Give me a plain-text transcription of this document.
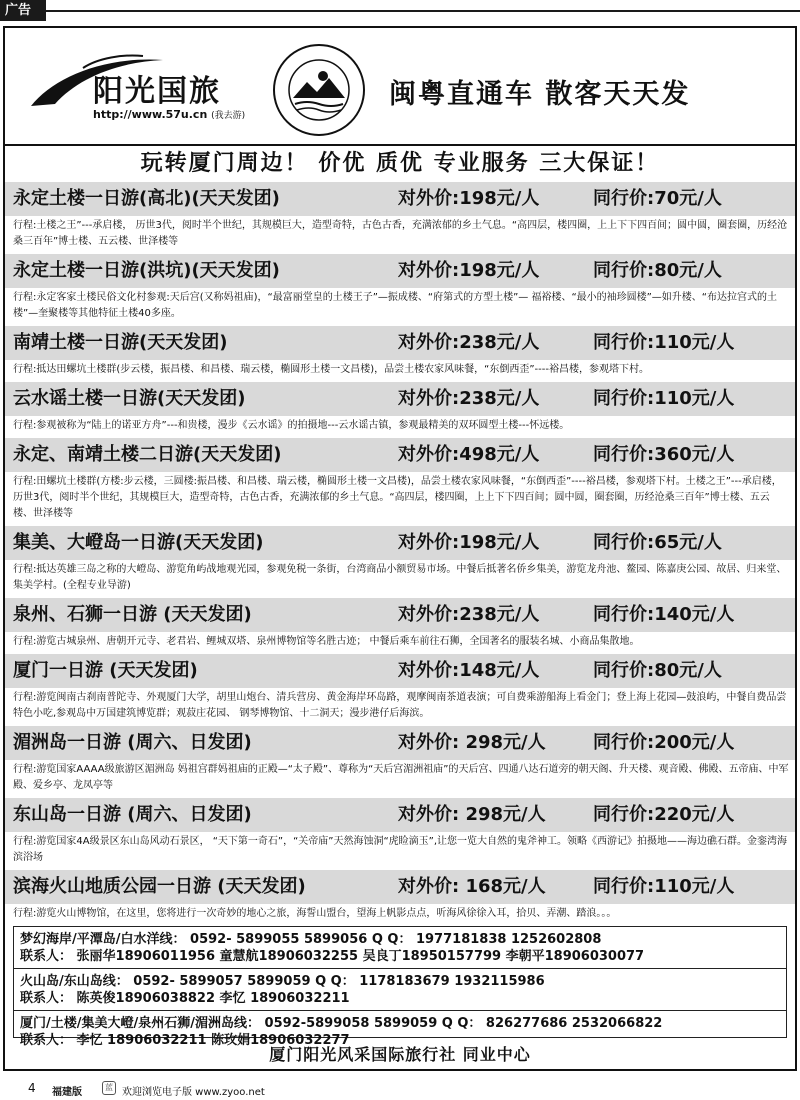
广告
阳光国旅
http://www.57u.cn (我去游)
闽粤直通车 散客天天发
玩转厦门周边！ 价优 质优 专业服务 三大保证！
永定土楼一日游(高北)(天天发团)	对外价:198元/人	同行价:70元/人
行程:土楼之王”---承启楼， 历世3代，阅时半个世纪，其规模巨大，造型奇特，古色古香，充满浓郁的乡土气息。“高四层，楼四圈，上上下下四百间；圆中圆，圈套圈，历经沧桑三百年”博士楼、五云楼、世泽楼等
永定土楼一日游(洪坑)(天天发团)	对外价:198元/人	同行价:80元/人
行程:永定客家土楼民俗文化村参观:天后宫(又称妈祖庙)，“最富丽堂皇的土楼王子”—振成楼、“府第式的方型土楼”— 福裕楼、“最小的袖珍圆楼”—如升楼、“布达拉宫式的土楼”—奎聚楼等其他特征土楼40多座。
南靖土楼一日游(天天发团)	对外价:238元/人	同行价:110元/人
行程:抵达田螺坑土楼群(步云楼，振昌楼、和昌楼、瑞云楼，椭圆形土楼一文昌楼)，品尝土楼农家风味餐，“东倒西歪”----裕昌楼，参观塔下村。
云水谣土楼一日游(天天发团)	对外价:238元/人	同行价:110元/人
行程:参观被称为“陆上的诺亚方舟”---和贵楼，漫步《云水谣》的拍摄地---云水谣古镇，参观最精美的双环圆型土楼---怀远楼。
永定、南靖土楼二日游(天天发团)	对外价:498元/人	同行价:360元/人
行程:田螺坑土楼群(方楼:步云楼，三圆楼:振昌楼、和昌楼、瑞云楼，椭圆形土楼一文昌楼)，品尝土楼农家风味餐，“东倒西歪”----裕昌楼，参观塔下村。土楼之王”---承启楼， 历世3代，阅时半个世纪，其规模巨大，造型奇特，古色古香，充满浓郁的乡土气息。“高四层，楼四圈，上上下下四百间；圆中圆，圈套圈，历经沧桑三百年”博士楼、五云楼、世泽楼等
集美、大嶝岛一日游(天天发团)	对外价:198元/人	同行价:65元/人
行程:抵达英雄三岛之称的大嶝岛、游览角屿战地观光园，参观免税一条街，台湾商品小额贸易市场。中餐后抵著名侨乡集美，游览龙舟池、鳌园、陈嘉庚公园、故居、归来堂、集美学村。(全程专业导游)
泉州、石狮一日游 (天天发团)	对外价:238元/人	同行价:140元/人
行程:游览古城泉州、唐朝开元寺、老君岩、鲤城双塔、泉州博物馆等名胜古迹； 中餐后乘车前往石狮，全国著名的服装名城、小商品集散地。
厦门一日游 (天天发团)	对外价:148元/人	同行价:80元/人
行程:游览闽南古刹南普陀寺、外观厦门大学，胡里山炮台、清兵营房、黄金海岸环岛路，观摩闽南茶道表演；可自费乘游船海上看金门；登上海上花园—鼓浪屿，中餐自费品尝特色小吃,参观岛中万国建筑博览群；观菽庄花园、 钢琴博物馆、十二洞天；漫步港仔后海滨。
湄洲岛一日游 (周六、日发团)	对外价: 298元/人	同行价:200元/人
行程:游览国家AAAA级旅游区湄洲岛 妈祖宫群妈祖庙的正殿—“太子殿”、尊称为“天后宫湄洲祖庙”的天后宫、四通八达石道旁的朝天阁、升天楼、观音殿、佛殿、五帝庙、中军殿、爱乡亭、龙凤亭等
东山岛一日游 (周六、日发团)	对外价: 298元/人	同行价:220元/人
行程:游览国家4A级景区东山岛风动石景区， “天下第一奇石”，“关帝庙”天然海蚀洞“虎睑滴玉”,让您一览大自然的鬼斧神工。领略《西游记》拍摄地——海边礁石群。金銮湾海滨浴场
滨海火山地质公园一日游 (天天发团)	对外价: 168元/人	同行价:110元/人
行程:游览火山博物馆，在这里，您将进行一次奇妙的地心之旅，海誓山盟台，望海上帆影点点，听海风徐徐入耳，拾贝、弄潮、踏浪。。。
梦幻海岸/平潭岛/白水洋线： 0592- 5899055 5899056 Q Q： 1977181838 1252602808
联系人： 张丽华18906011956 童慧航18906032255 吴良丁18950157799 李朝平18906030077
火山岛/东山岛线： 0592- 5899057 5899059 Q Q： 1178183679 1932115986
联系人： 陈英俊18906038822 李忆 18906032211
厦门/土楼/集美大嶝/泉州石狮/湄洲岛线： 0592-5899058 5899059 Q Q： 826277686 2532066822
联系人： 李忆 18906032211 陈玫娟18906032277
厦门阳光风采国际旅行社 同业中心
4 福建版	蓝 欢迎浏览电子版 www.zyoo.net
